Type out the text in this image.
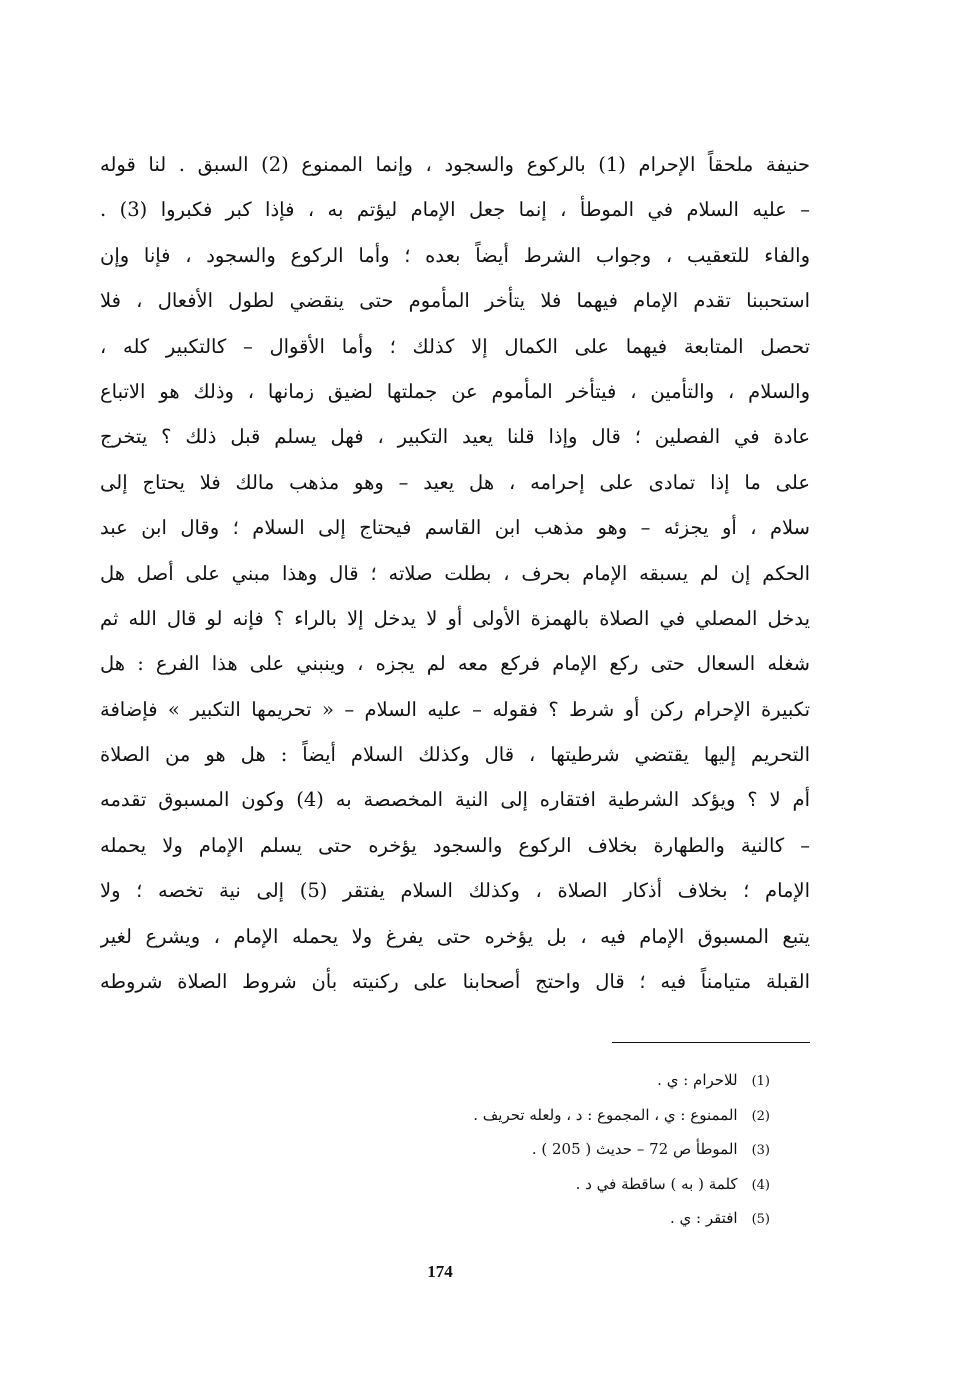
حنيفة ملحقاً الإحرام (1) بالركوع والسجود ، وإنما الممنوع (2) السبق . لنا قوله
– عليه السلام في الموطأ ، إنما جعل الإمام ليؤتم به ، فإذا كبر فكبروا (3) .
والفاء للتعقيب ، وجواب الشرط أيضاً بعده ؛ وأما الركوع والسجود ، فإنا وإن
استحببنا تقدم الإمام فيهما فلا يتأخر المأموم حتى ينقضي لطول الأفعال ، فلا
تحصل المتابعة فيهما على الكمال إلا كذلك ؛ وأما الأقوال – كالتكبير كله ،
والسلام ، والتأمين ، فيتأخر المأموم عن جملتها لضيق زمانها ، وذلك هو الاتباع
عادة في الفصلين ؛ قال وإذا قلنا يعيد التكبير ، فهل يسلم قبل ذلك ؟ يتخرج
على ما إذا تمادى على إحرامه ، هل يعيد – وهو مذهب مالك فلا يحتاج إلى
سلام ، أو يجزئه – وهو مذهب ابن القاسم فيحتاج إلى السلام ؛ وقال ابن عبد
الحكم إن لم يسبقه الإمام بحرف ، بطلت صلاته ؛ قال وهذا مبني على أصل هل
يدخل المصلي في الصلاة بالهمزة الأولى أو لا يدخل إلا بالراء ؟ فإنه لو قال الله ثم
شغله السعال حتى ركع الإمام فركع معه لم يجزه ، وينبني على هذا الفرع : هل
تكبيرة الإحرام ركن أو شرط ؟ فقوله – عليه السلام – « تحريمها التكبير » فإضافة
التحريم إليها يقتضي شرطيتها ، قال وكذلك السلام أيضاً : هل هو من الصلاة
أم لا ؟ ويؤكد الشرطية افتقاره إلى النية المخصصة به (4) وكون المسبوق تقدمه
– كالنية والطهارة بخلاف الركوع والسجود يؤخره حتى يسلم الإمام ولا يحمله
الإمام ؛ بخلاف أذكار الصلاة ، وكذلك السلام يفتقر (5) إلى نية تخصه ؛ ولا
يتبع المسبوق الإمام فيه ، بل يؤخره حتى يفرغ ولا يحمله الإمام ، ويشرع لغير
القبلة متيامناً فيه ؛ قال واحتج أصحابنا على ركنيته بأن شروط الصلاة شروطه
(1)للاحرام : ي .
(2)الممنوع : ي ، المجموع : د ، ولعله تحريف .
(3)الموطأ ص 72 – حديث ( 205 ) .
(4)كلمة ( به ) ساقطة في د .
(5)افتقر : ي .
174
